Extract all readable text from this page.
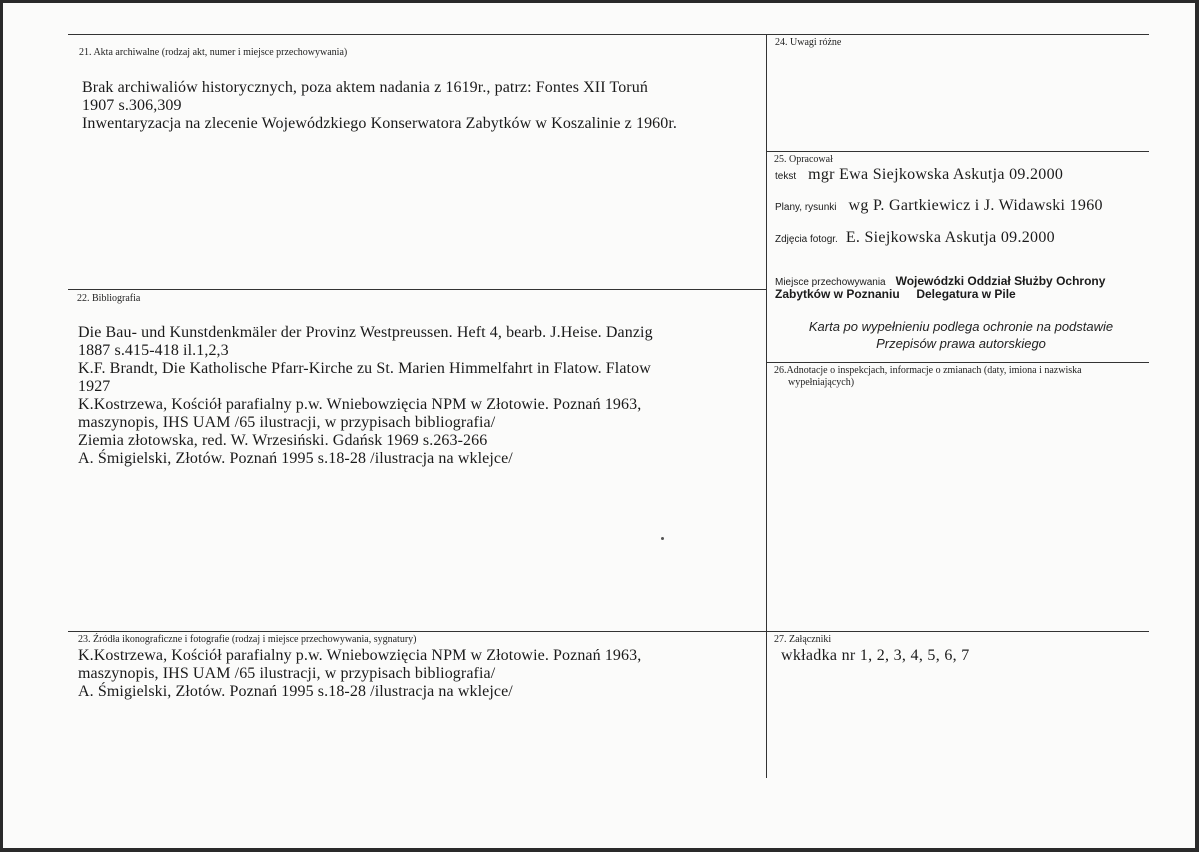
21. Akta archiwalne (rodzaj akt, numer i miejsce przechowywania)
Brak archiwaliów historycznych, poza aktem nadania z 1619r., patrz: Fontes XII Toruń
1907 s.306,309
Inwentaryzacja na zlecenie Wojewódzkiego Konserwatora Zabytków w Koszalinie z 1960r.
22. Bibliografia
Die Bau- und Kunstdenkmäler der Provinz Westpreussen. Heft 4, bearb. J.Heise. Danzig
1887 s.415-418 il.1,2,3
K.F. Brandt, Die Katholische Pfarr-Kirche zu St. Marien Himmelfahrt in Flatow. Flatow
1927
K.Kostrzewa, Kościół parafialny p.w. Wniebowzięcia NPM w Złotowie. Poznań 1963,
maszynopis, IHS UAM /65 ilustracji, w przypisach bibliografia/
Ziemia złotowska, red. W. Wrzesiński. Gdańsk 1969 s.263-266
A. Śmigielski, Złotów. Poznań 1995 s.18-28 /ilustracja na wklejce/
23. Źródła ikonograficzne i fotografie (rodzaj i miejsce przechowywania, sygnatury)
K.Kostrzewa, Kościół parafialny p.w. Wniebowzięcia NPM w Złotowie. Poznań 1963,
maszynopis, IHS UAM /65 ilustracji, w przypisach bibliografia/
A. Śmigielski, Złotów. Poznań 1995 s.18-28 /ilustracja na wklejce/
24. Uwagi różne
25. Opracował
tekst mgr Ewa Siejkowska Askutja 09.2000
Plany, rysunki wg P. Gartkiewicz i J. Widawski 1960
Zdjęcia fotogr. E. Siejkowska Askutja 09.2000
Miejsce przechowywania Wojewódzki Oddział Służby Ochrony
Zabytków w Poznaniu     Delegatura w Pile
Karta po wypełnieniu podlega ochronie na podstawie
Przepisów prawa autorskiego
26.Adnotacje o inspekcjach, informacje o zmianach (daty, imiona i nazwiska
wypełniających)
27. Załączniki
wkładka nr 1, 2, 3, 4, 5, 6, 7
